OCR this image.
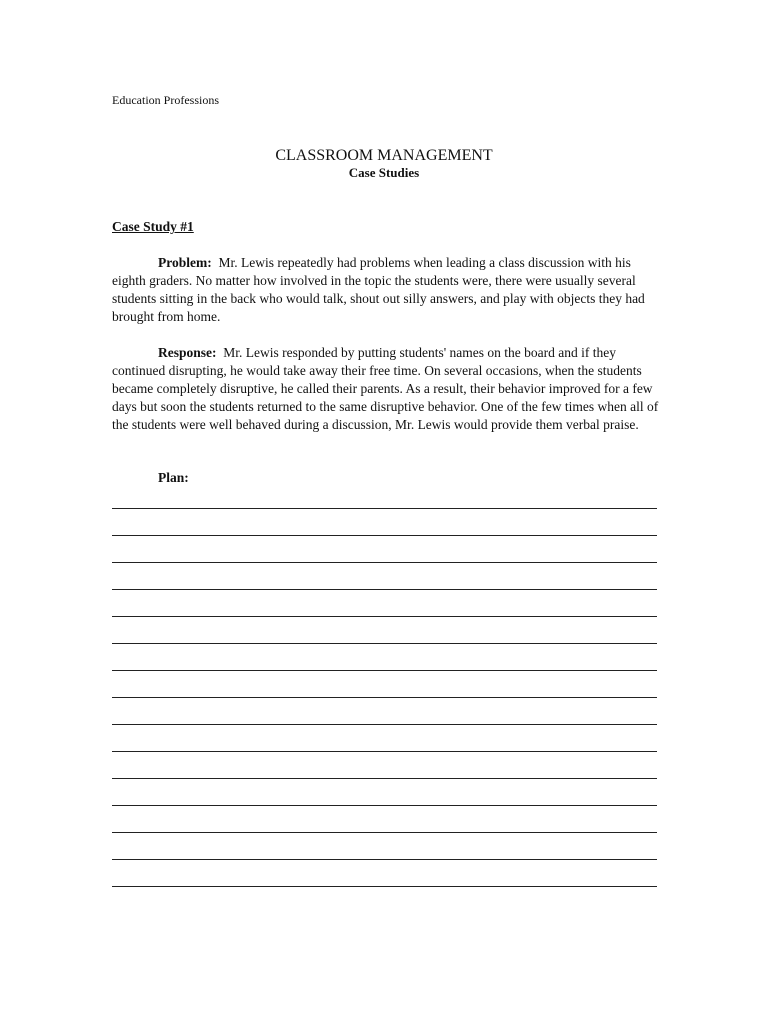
Education Professions
CLASSROOM MANAGEMENT
Case Studies
Case Study #1

Problem: Mr. Lewis repeatedly had problems when leading a class discussion with his eighth graders. No matter how involved in the topic the students were, there were usually several students sitting in the back who would talk, shout out silly answers, and play with objects they had brought from home.

Response: Mr. Lewis responded by putting students' names on the board and if they continued disrupting, he would take away their free time. On several occasions, when the students became completely disruptive, he called their parents. As a result, their behavior improved for a few days but soon the students returned to the same disruptive behavior. One of the few times when all of the students were well behaved during a discussion, Mr. Lewis would provide them verbal praise.

Plan:
